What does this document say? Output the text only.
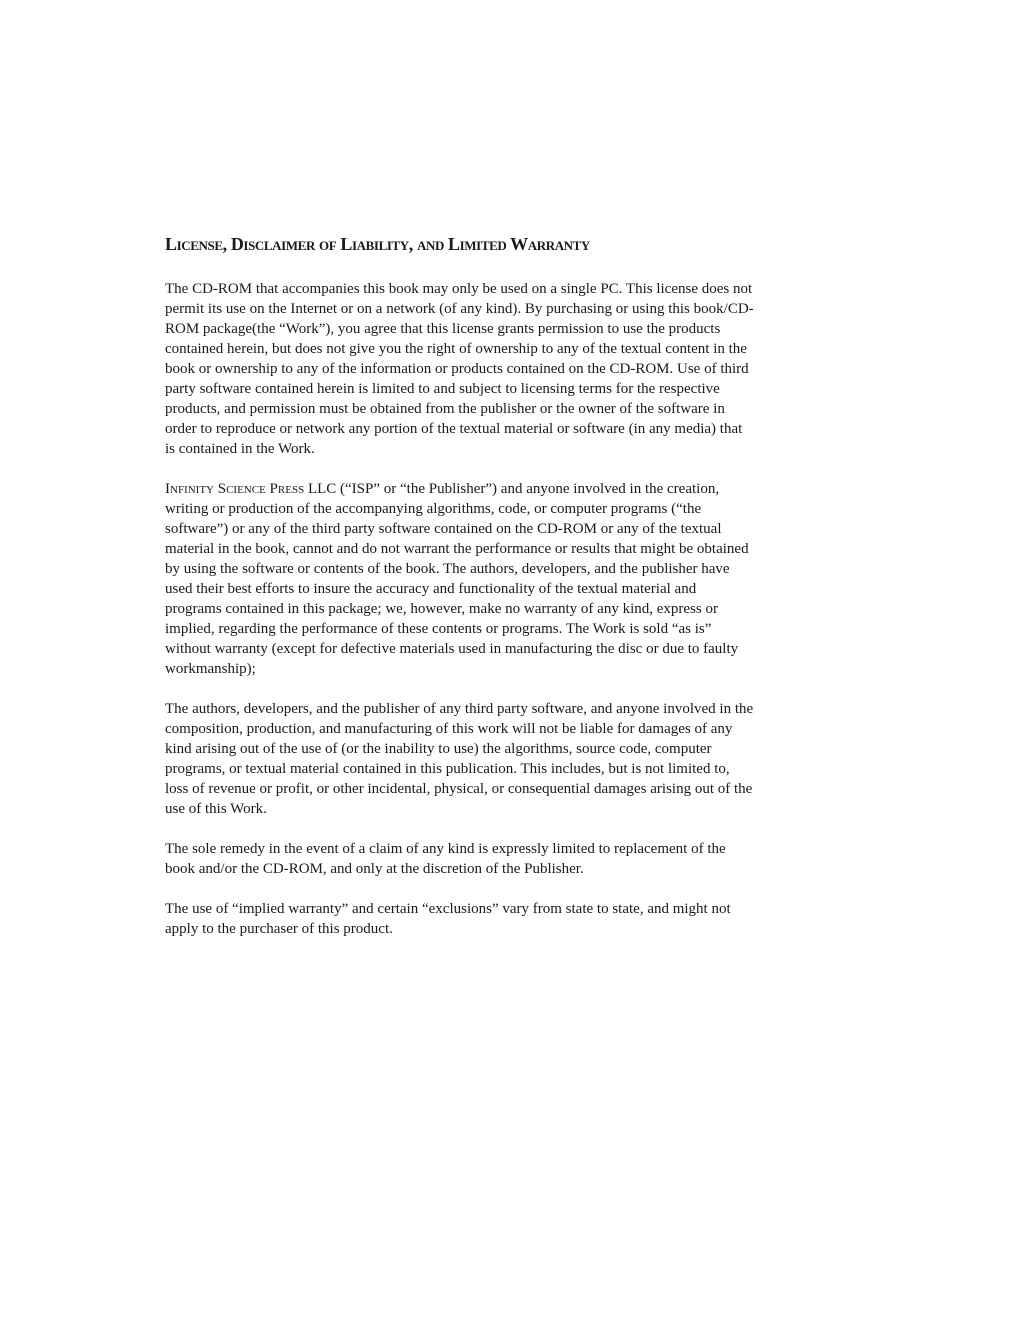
License, Disclaimer of Liability, and Limited Warranty

The CD-ROM that accompanies this book may only be used on a single PC. This license does not
permit its use on the Internet or on a network (of any kind). By purchasing or using this book/CD-
ROM package(the “Work”), you agree that this license grants permission to use the products
contained herein, but does not give you the right of ownership to any of the textual content in the
book or ownership to any of the information or products contained on the CD-ROM. Use of third
party software contained herein is limited to and subject to licensing terms for the respective
products, and permission must be obtained from the publisher or the owner of the software in
order to reproduce or network any portion of the textual material or software (in any media) that
is contained in the Work.

Infinity Science Press LLC (“ISP” or “the Publisher”) and anyone involved in the creation,
writing or production of the accompanying algorithms, code, or computer programs (“the
software”) or any of the third party software contained on the CD-ROM or any of the textual
material in the book, cannot and do not warrant the performance or results that might be obtained
by using the software or contents of the book. The authors, developers, and the publisher have
used their best efforts to insure the accuracy and functionality of the textual material and
programs contained in this package; we, however, make no warranty of any kind, express or
implied, regarding the performance of these contents or programs. The Work is sold “as is”
without warranty (except for defective materials used in manufacturing the disc or due to faulty
workmanship);

The authors, developers, and the publisher of any third party software, and anyone involved in the
composition, production, and manufacturing of this work will not be liable for damages of any
kind arising out of the use of (or the inability to use) the algorithms, source code, computer
programs, or textual material contained in this publication. This includes, but is not limited to,
loss of revenue or profit, or other incidental, physical, or consequential damages arising out of the
use of this Work.

The sole remedy in the event of a claim of any kind is expressly limited to replacement of the
book and/or the CD-ROM, and only at the discretion of the Publisher.

The use of “implied warranty” and certain “exclusions” vary from state to state, and might not
apply to the purchaser of this product.
